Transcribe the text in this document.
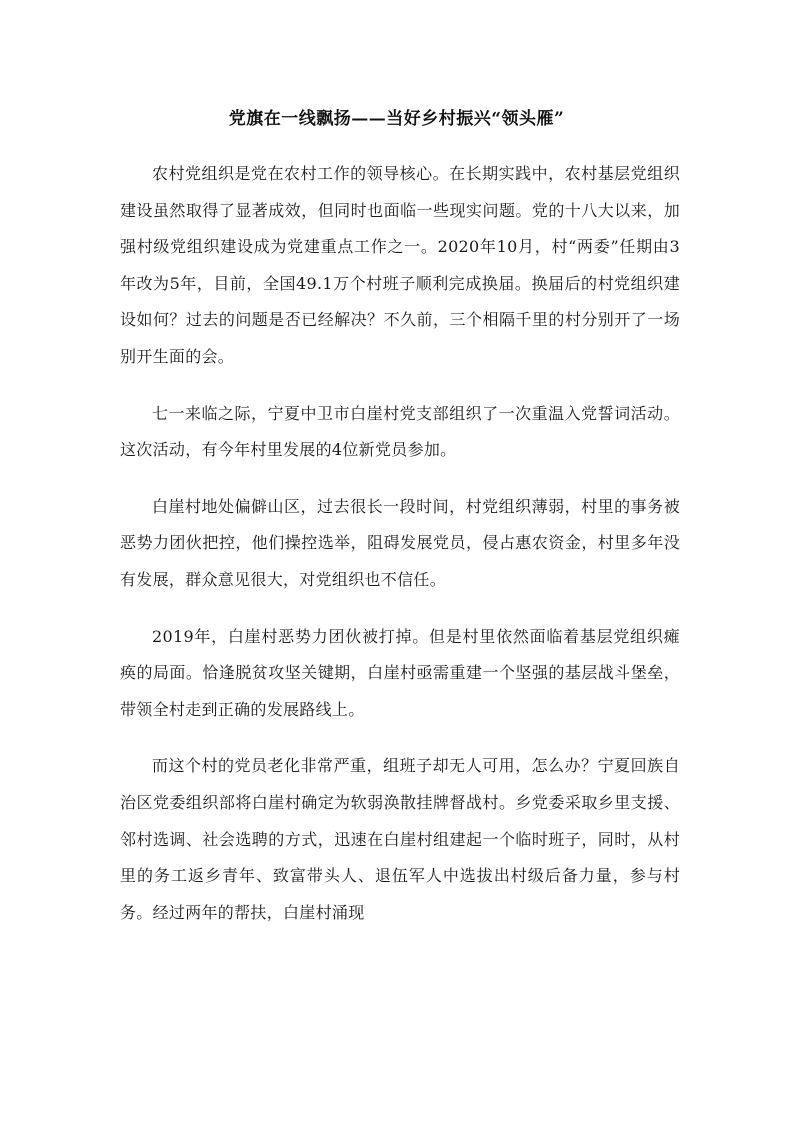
党旗在一线飘扬——当好乡村振兴“领头雁”

农村党组织是党在农村工作的领导核心。在长期实践中，农村基层党组织建设虽然取得了显著成效，但同时也面临一些现实问题。党的十八大以来，加强村级党组织建设成为党建重点工作之一。2020年10月，村“两委”任期由3年改为5年，目前，全国49.1万个村班子顺利完成换届。换届后的村党组织建设如何？过去的问题是否已经解决？不久前，三个相隔千里的村分别开了一场别开生面的会。

七一来临之际，宁夏中卫市白崖村党支部组织了一次重温入党誓词活动。这次活动，有今年村里发展的4位新党员参加。

白崖村地处偏僻山区，过去很长一段时间，村党组织薄弱，村里的事务被恶势力团伙把控，他们操控选举，阻碍发展党员，侵占惠农资金，村里多年没有发展，群众意见很大，对党组织也不信任。

2019年，白崖村恶势力团伙被打掉。但是村里依然面临着基层党组织瘫痪的局面。恰逢脱贫攻坚关键期，白崖村亟需重建一个坚强的基层战斗堡垒，带领全村走到正确的发展路线上。

而这个村的党员老化非常严重，组班子却无人可用，怎么办？宁夏回族自治区党委组织部将白崖村确定为软弱涣散挂牌督战村。乡党委采取乡里支援、邻村选调、社会选聘的方式，迅速在白崖村组建起一个临时班子，同时，从村里的务工返乡青年、致富带头人、退伍军人中选拔出村级后备力量，参与村务。经过两年的帮扶，白崖村涌现
